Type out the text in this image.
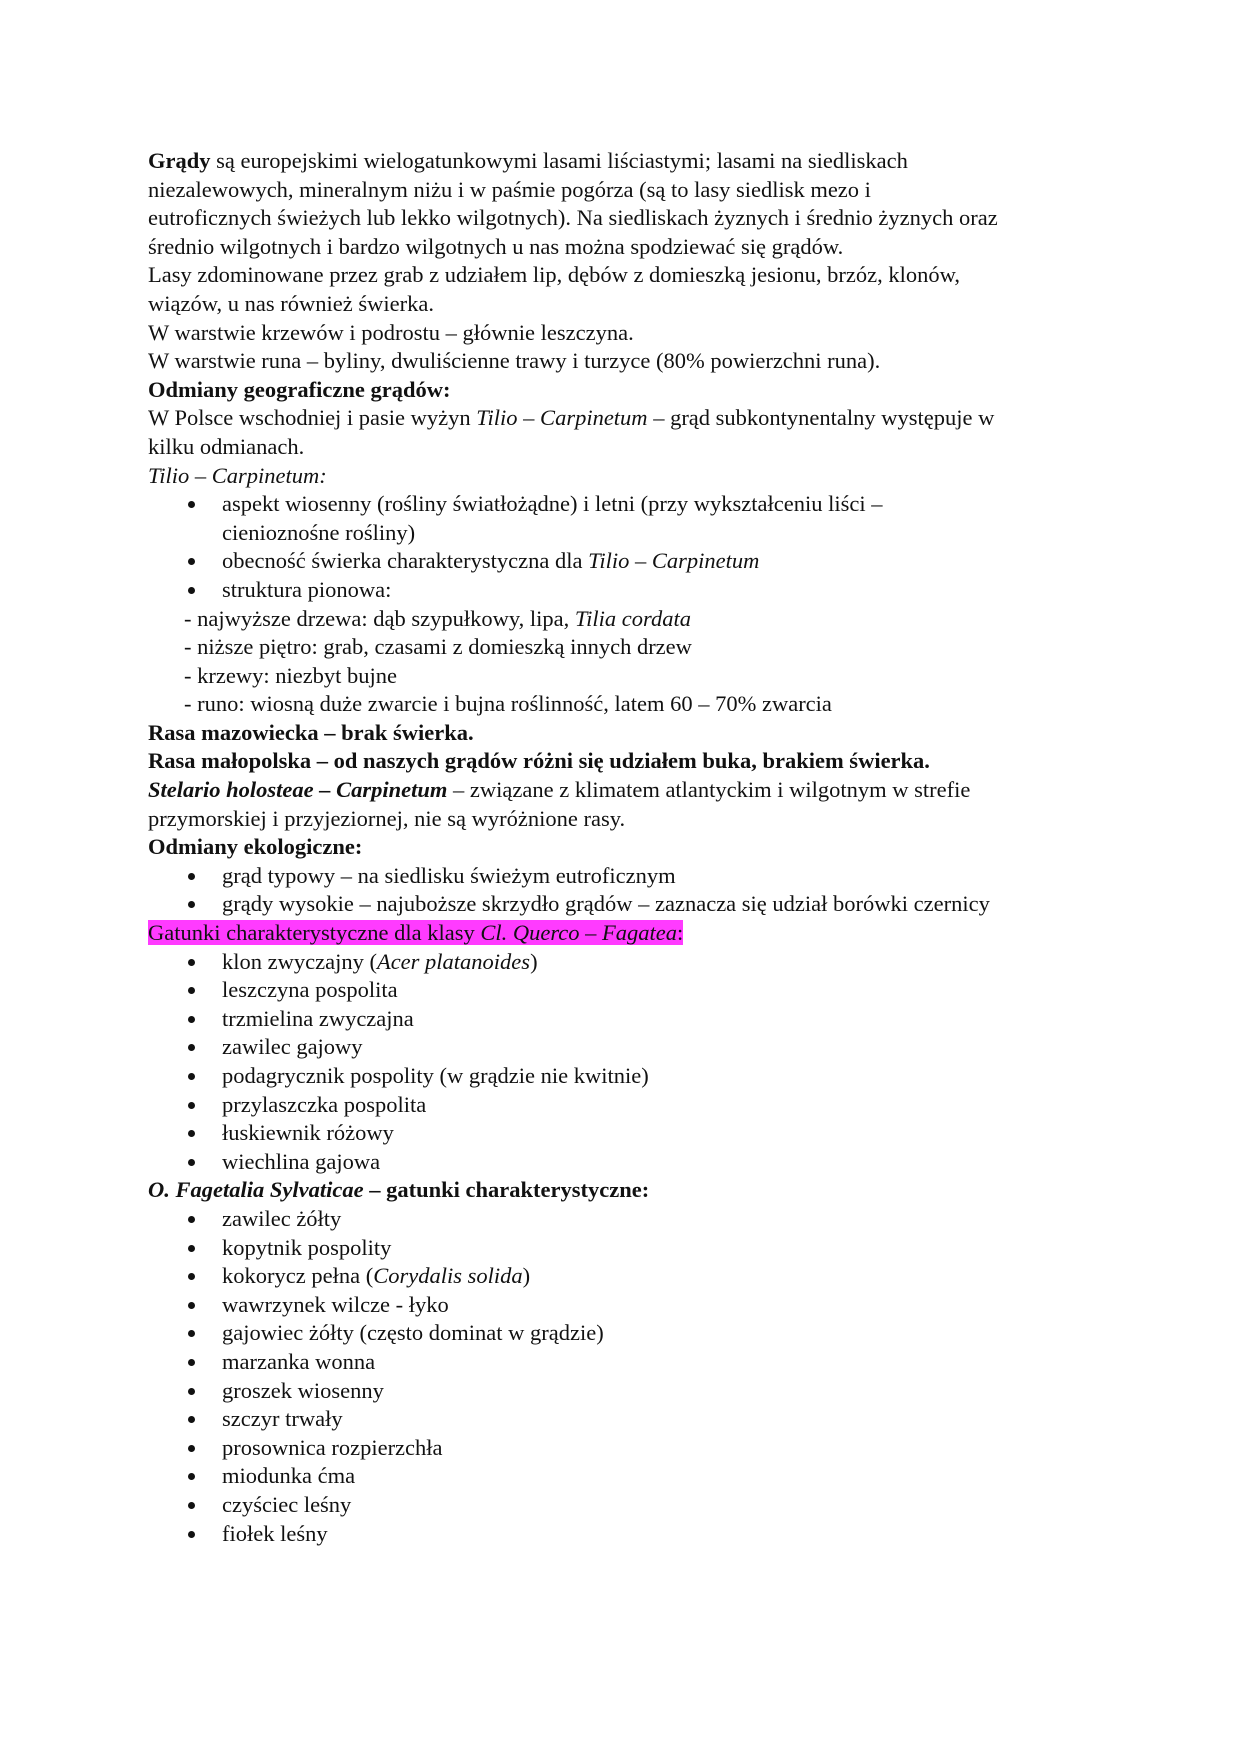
Grądy są europejskimi wielogatunkowymi lasami liściastymi; lasami na siedliskach
niezalewowych, mineralnym niżu i w paśmie pogórza (są to lasy siedlisk mezo i
eutroficznych świeżych lub lekko wilgotnych). Na siedliskach żyznych i średnio żyznych oraz
średnio wilgotnych i bardzo wilgotnych u nas można spodziewać się grądów.
Lasy zdominowane przez grab z udziałem lip, dębów z domieszką jesionu, brzóz, klonów,
wiązów, u nas również świerka.
W warstwie krzewów i podrostu – głównie leszczyna.
W warstwie runa – byliny, dwuliścienne trawy i turzyce (80% powierzchni runa).
Odmiany geograficzne grądów:
W Polsce wschodniej i pasie wyżyn Tilio – Carpinetum – grąd subkontynentalny występuje w
kilku odmianach.
Tilio – Carpinetum:
aspekt wiosenny (rośliny światłożądne) i letni (przy wykształceniu liści –
cienioznośne rośliny)
obecność świerka charakterystyczna dla Tilio – Carpinetum
struktura pionowa:
- najwyższe drzewa: dąb szypułkowy, lipa, Tilia cordata
- niższe piętro: grab, czasami z domieszką innych drzew
- krzewy: niezbyt bujne
- runo: wiosną duże zwarcie i bujna roślinność, latem 60 – 70% zwarcia
Rasa mazowiecka – brak świerka.
Rasa małopolska – od naszych grądów różni się udziałem buka, brakiem świerka.
Stelario holosteae – Carpinetum – związane z klimatem atlantyckim i wilgotnym w strefie
przymorskiej i przyjeziornej, nie są wyróżnione rasy.
Odmiany ekologiczne:
grąd typowy – na siedlisku świeżym eutroficznym
grądy wysokie – najuboższe skrzydło grądów – zaznacza się udział borówki czernicy
Gatunki charakterystyczne dla klasy Cl. Querco – Fagatea:
klon zwyczajny (Acer platanoides)
leszczyna pospolita
trzmielina zwyczajna
zawilec gajowy
podagrycznik pospolity (w grądzie nie kwitnie)
przylaszczka pospolita
łuskiewnik różowy
wiechlina gajowa
O. Fagetalia Sylvaticae – gatunki charakterystyczne:
zawilec żółty
kopytnik pospolity
kokorycz pełna (Corydalis solida)
wawrzynek wilcze - łyko
gajowiec żółty (często dominat w grądzie)
marzanka wonna
groszek wiosenny
szczyr trwały
prosownica rozpierzchła
miodunka ćma
czyściec leśny
fiołek leśny
